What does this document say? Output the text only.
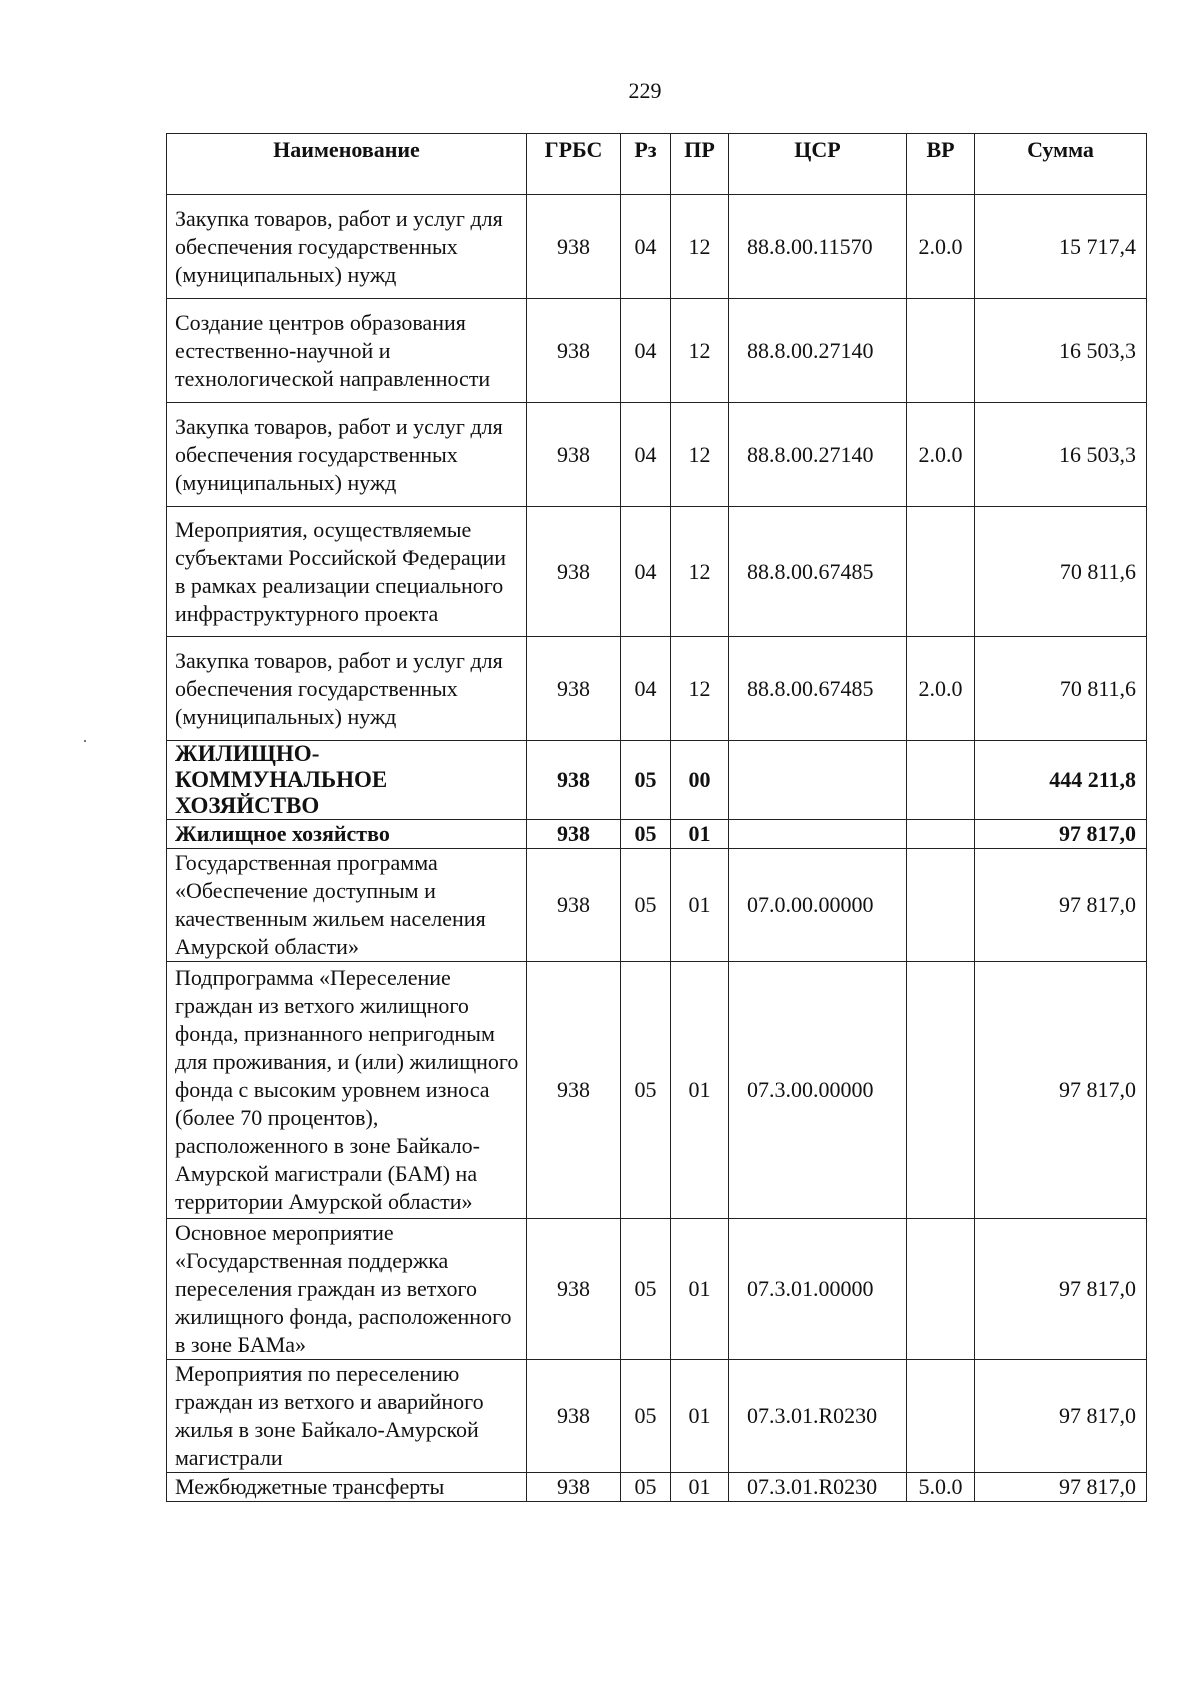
229
Наименование	ГРБС	Рз	ПР	ЦСР	ВР	Сумма
Закупка товаров, работ и услуг для обеспечения государственных (муниципальных) нужд	938	04	12	88.8.00.11570	2.0.0	15 717,4
Создание центров образования естественно-научной и технологической направленности	938	04	12	88.8.00.27140		16 503,3
Закупка товаров, работ и услуг для обеспечения государственных (муниципальных) нужд	938	04	12	88.8.00.27140	2.0.0	16 503,3
Мероприятия, осуществляемые субъектами Российской Федерации в рамках реализации специального инфраструктурного проекта	938	04	12	88.8.00.67485		70 811,6
Закупка товаров, работ и услуг для обеспечения государственных (муниципальных) нужд	938	04	12	88.8.00.67485	2.0.0	70 811,6
ЖИЛИЩНО-КОММУНАЛЬНОЕ ХОЗЯЙСТВО	938	05	00			444 211,8
Жилищное хозяйство	938	05	01			97 817,0
Государственная программа «Обеспечение доступным и качественным жильем населения Амурской области»	938	05	01	07.0.00.00000		97 817,0
Подпрограмма «Переселение граждан из ветхого жилищного фонда, признанного непригодным для проживания, и (или) жилищного фонда с высоким уровнем износа (более 70 процентов), расположенного в зоне Байкало-Амурской магистрали (БАМ) на территории Амурской области»	938	05	01	07.3.00.00000		97 817,0
Основное мероприятие «Государственная поддержка переселения граждан из ветхого жилищного фонда, расположенного в зоне БАМа»	938	05	01	07.3.01.00000		97 817,0
Мероприятия по переселению граждан из ветхого и аварийного жилья в зоне Байкало-Амурской магистрали	938	05	01	07.3.01.R0230		97 817,0
Межбюджетные трансферты	938	05	01	07.3.01.R0230	5.0.0	97 817,0
